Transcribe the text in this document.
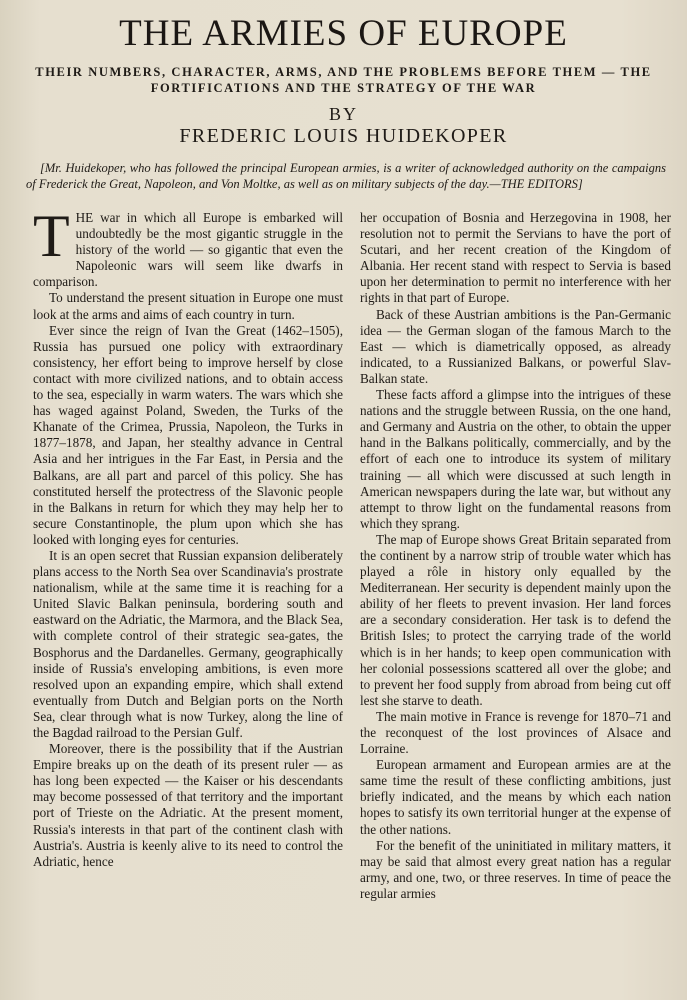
THE ARMIES OF EUROPE

THEIR NUMBERS, CHARACTER, ARMS, AND THE PROBLEMS BEFORE THEM — THE FORTIFICATIONS AND THE STRATEGY OF THE WAR

BY
FREDERIC LOUIS HUIDEKOPER

[Mr. Huidekoper, who has followed the principal European armies, is a writer of acknowledged authority on the campaigns of Frederick the Great, Napoleon, and Von Moltke, as well as on military subjects of the day.—THE EDITORS]

THE war in which all Europe is embarked will undoubtedly be the most gigantic struggle in the history of the world — so gigantic that even the Napoleonic wars will seem like dwarfs in comparison.

To understand the present situation in Europe one must look at the arms and aims of each country in turn.

Ever since the reign of Ivan the Great (1462–1505), Russia has pursued one policy with extraordinary consistency, her effort being to improve herself by close contact with more civilized nations, and to obtain access to the sea, especially in warm waters. The wars which she has waged against Poland, Sweden, the Turks of the Khanate of the Crimea, Prussia, Napoleon, the Turks in 1877–1878, and Japan, her stealthy advance in Central Asia and her intrigues in the Far East, in Persia and the Balkans, are all part and parcel of this policy. She has constituted herself the protectress of the Slavonic people in the Balkans in return for which they may help her to secure Constantinople, the plum upon which she has looked with longing eyes for centuries.

It is an open secret that Russian expansion deliberately plans access to the North Sea over Scandinavia's prostrate nationalism, while at the same time it is reaching for a United Slavic Balkan peninsula, bordering south and eastward on the Adriatic, the Marmora, and the Black Sea, with complete control of their strategic sea-gates, the Bosphorus and the Dardanelles. Germany, geographically inside of Russia's enveloping ambitions, is even more resolved upon an expanding empire, which shall extend eventually from Dutch and Belgian ports on the North Sea, clear through what is now Turkey, along the line of the Bagdad railroad to the Persian Gulf.

Moreover, there is the possibility that if the Austrian Empire breaks up on the death of its present ruler — as has long been expected — the Kaiser or his descendants may become possessed of that territory and the important port of Trieste on the Adriatic. At the present moment, Russia's interests in that part of the continent clash with Austria's. Austria is keenly alive to its need to control the Adriatic, hence

her occupation of Bosnia and Herzegovina in 1908, her resolution not to permit the Servians to have the port of Scutari, and her recent creation of the Kingdom of Albania. Her recent stand with respect to Servia is based upon her determination to permit no interference with her rights in that part of Europe.

Back of these Austrian ambitions is the Pan-Germanic idea — the German slogan of the famous March to the East — which is diametrically opposed, as already indicated, to a Russianized Balkans, or powerful Slav-Balkan state.

These facts afford a glimpse into the intrigues of these nations and the struggle between Russia, on the one hand, and Germany and Austria on the other, to obtain the upper hand in the Balkans politically, commercially, and by the effort of each one to introduce its system of military training — all which were discussed at such length in American newspapers during the late war, but without any attempt to throw light on the fundamental reasons from which they sprang.

The map of Europe shows Great Britain separated from the continent by a narrow strip of trouble water which has played a rôle in history only equalled by the Mediterranean. Her security is dependent mainly upon the ability of her fleets to prevent invasion. Her land forces are a secondary consideration. Her task is to defend the British Isles; to protect the carrying trade of the world which is in her hands; to keep open communication with her colonial possessions scattered all over the globe; and to prevent her food supply from abroad from being cut off lest she starve to death.

The main motive in France is revenge for 1870–71 and the reconquest of the lost provinces of Alsace and Lorraine.

European armament and European armies are at the same time the result of these conflicting ambitions, just briefly indicated, and the means by which each nation hopes to satisfy its own territorial hunger at the expense of the other nations.

For the benefit of the uninitiated in military matters, it may be said that almost every great nation has a regular army, and one, two, or three reserves. In time of peace the regular armies
